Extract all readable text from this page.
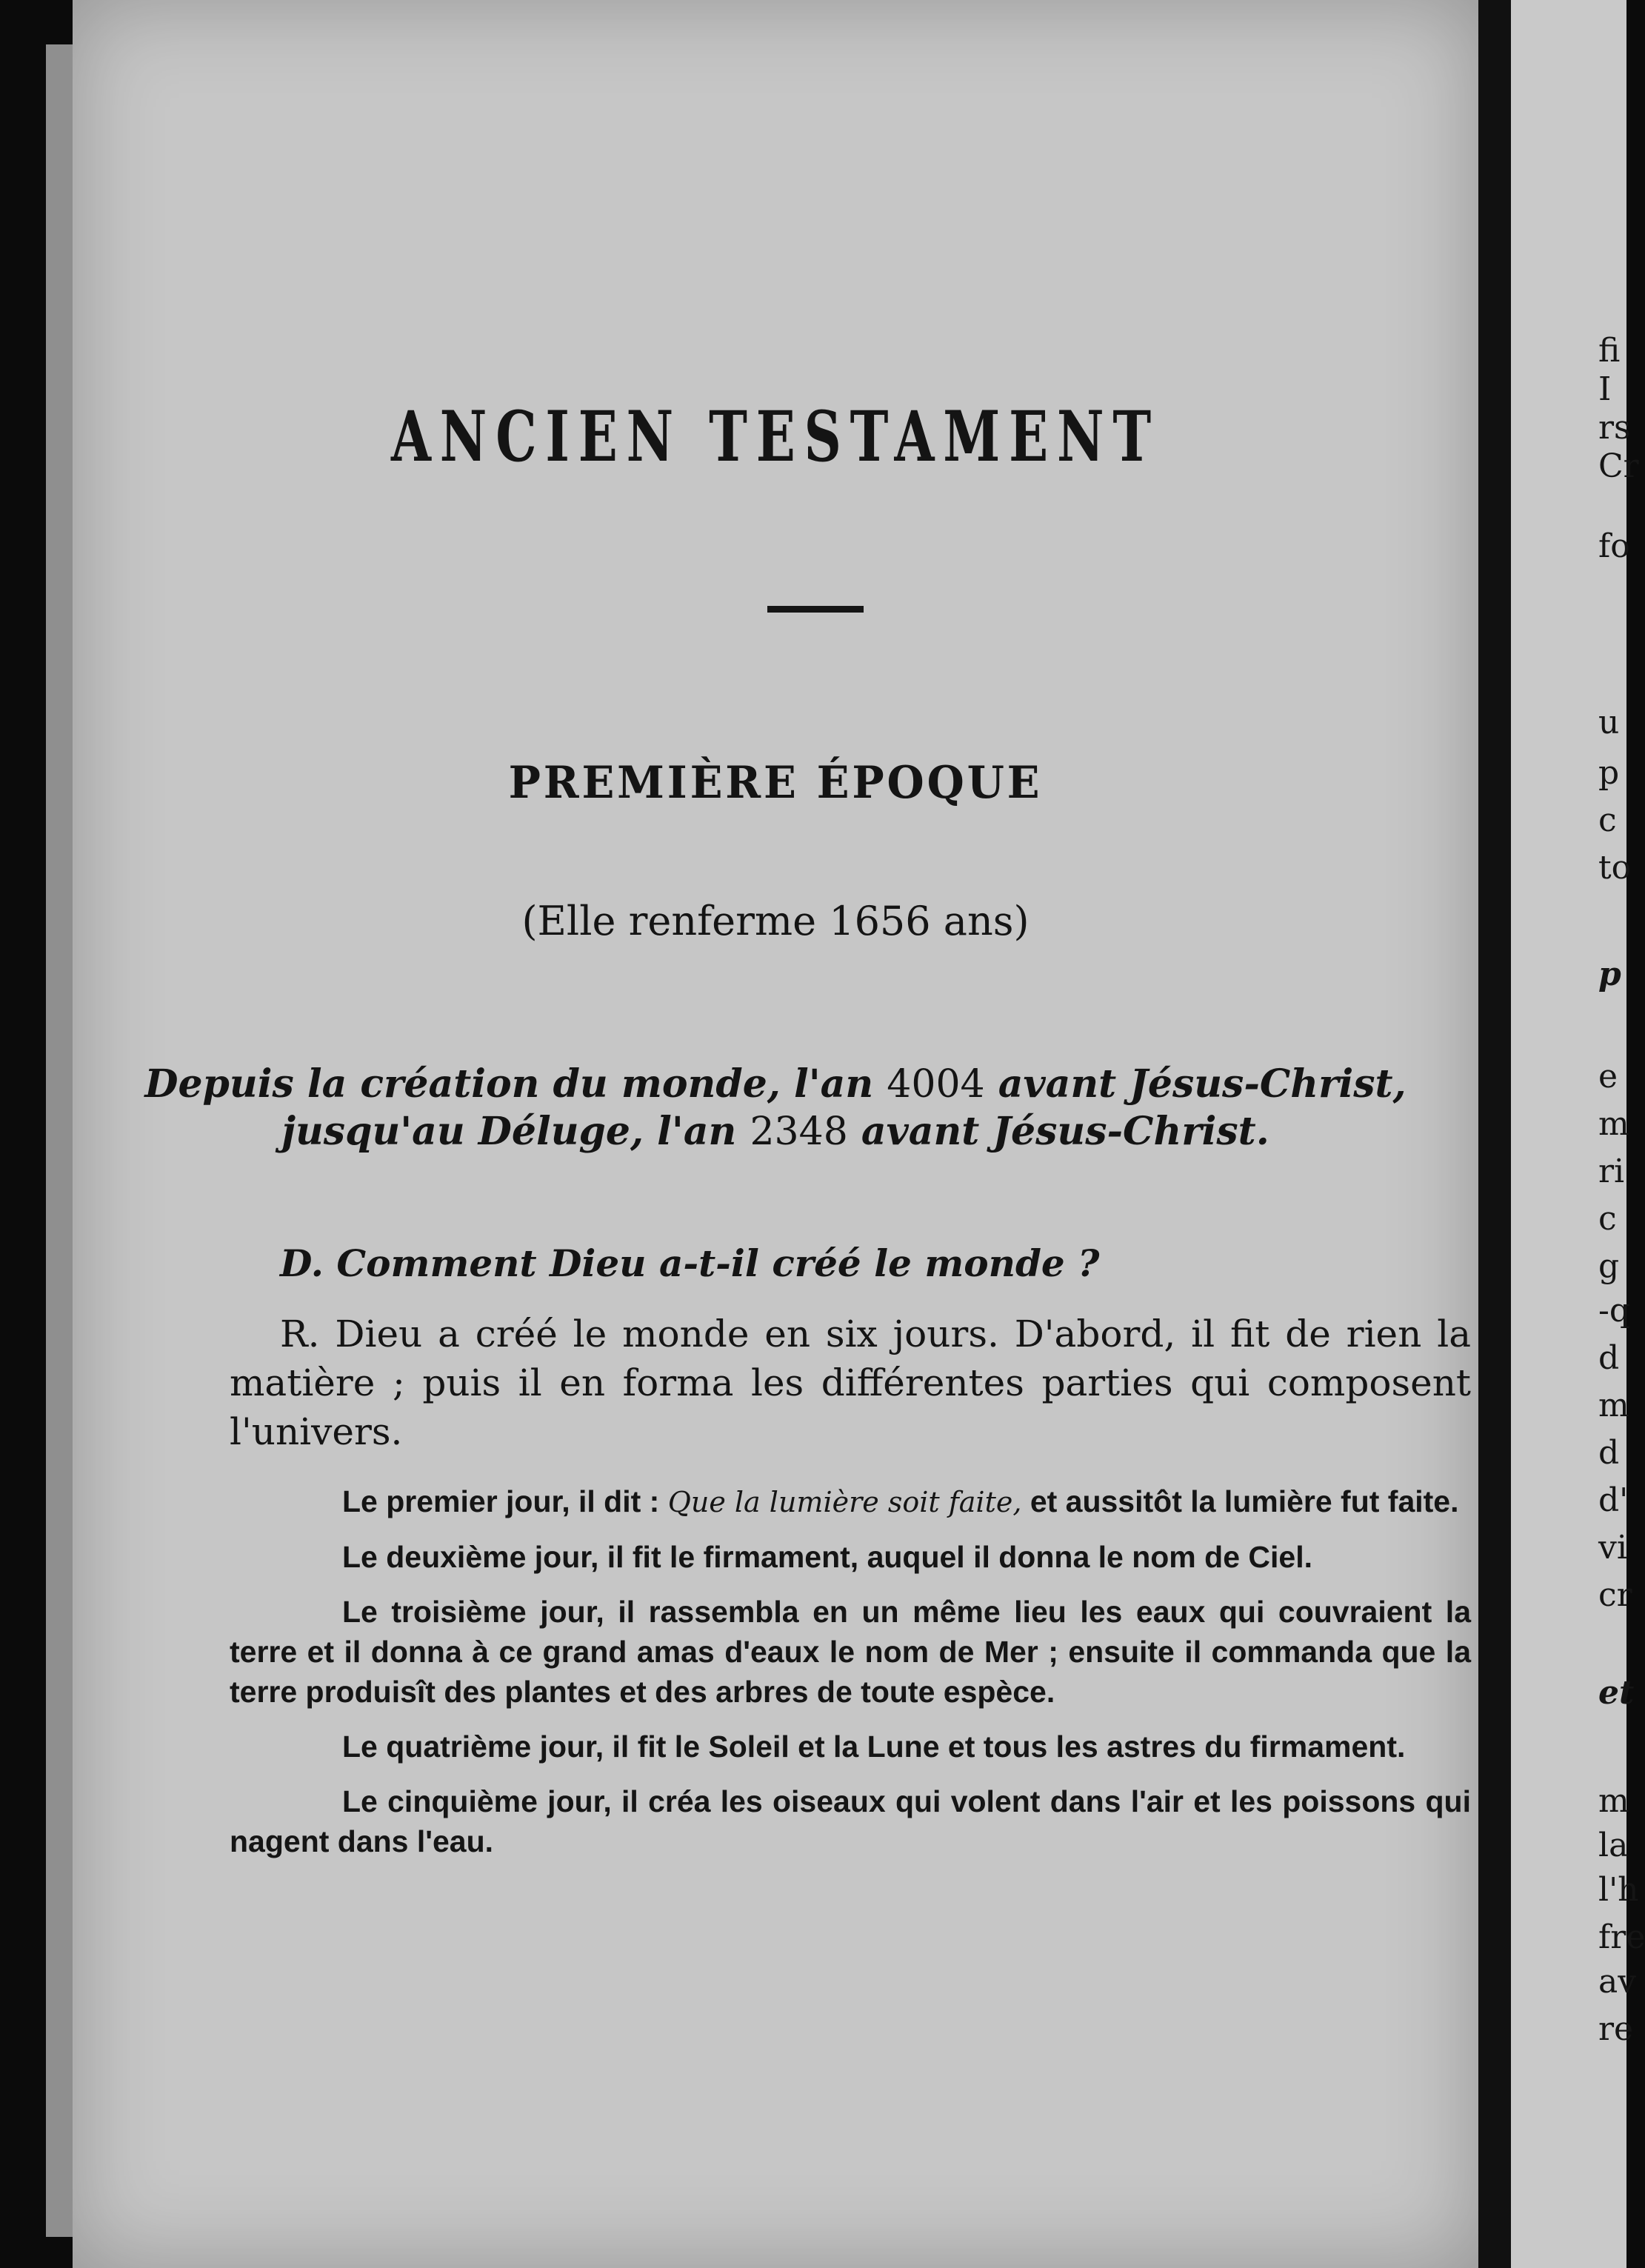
fi
I
rs
Cr
fo
u
p
c
to
p
e
m
ri
c
g
-q
d
m
d
d'
vi
cr
et
m
la
l'h
fre
av
re
ANCIEN TESTAMENT
PREMIÈRE ÉPOQUE
(Elle renferme 1656 ans)
Depuis la création du monde, l'an 4004 avant Jésus-Christ,
jusqu'au Déluge, l'an 2348 avant Jésus-Christ.
D. Comment Dieu a-t-il créé le monde ?
R. Dieu a créé le monde en six jours. D'abord, il fit de rien la matière ; puis il en forma les différentes parties qui composent l'univers.

Le premier jour, il dit : Que la lumière soit faite, et aussitôt la lumière fut faite.

Le deuxième jour, il fit le firmament, auquel il donna le nom de Ciel.

Le troisième jour, il rassembla en un même lieu les eaux qui couvraient la terre et il donna à ce grand amas d'eaux le nom de Mer ; ensuite il commanda que la terre produisît des plantes et des arbres de toute espèce.

Le quatrième jour, il fit le Soleil et la Lune et tous les astres du firmament.

Le cinquième jour, il créa les oiseaux qui volent dans l'air et les poissons qui nagent dans l'eau.
